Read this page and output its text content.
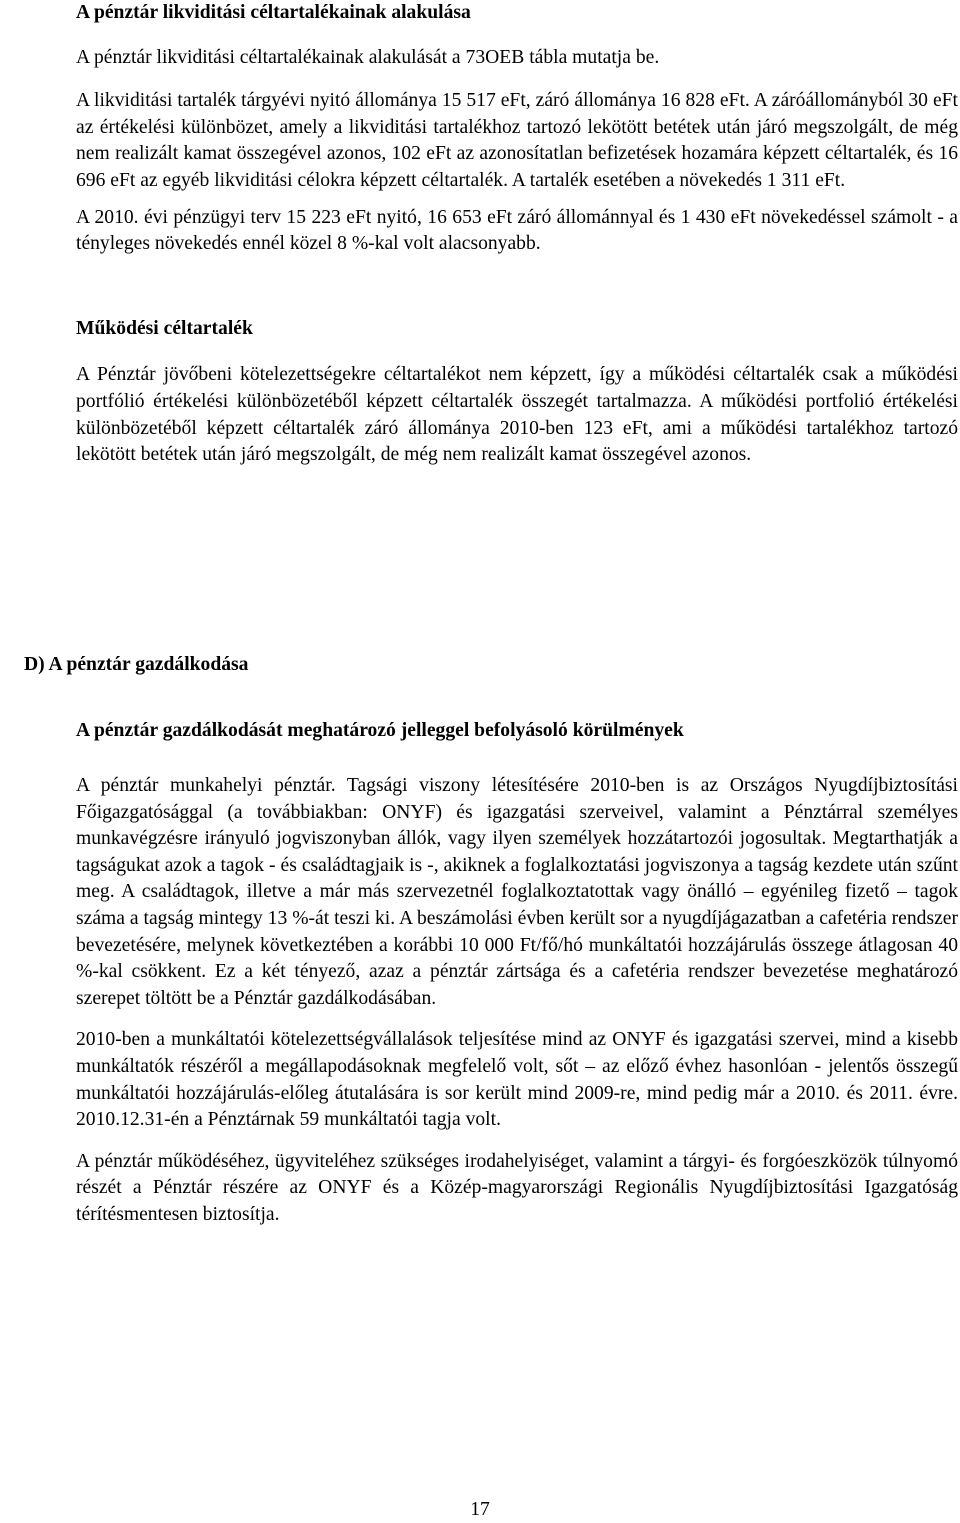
A pénztár likviditási céltartalékainak alakulása

A pénztár likviditási céltartalékainak alakulását a 73OEB tábla mutatja be.

A likviditási tartalék tárgyévi nyitó állománya 15 517 eFt, záró állománya 16 828 eFt. A záróállományból 30 eFt az értékelési különbözet, amely a likviditási tartalékhoz tartozó lekötött betétek után járó megszolgált, de még nem realizált kamat összegével azonos, 102 eFt az azonosítatlan befizetések hozamára képzett céltartalék, és 16 696 eFt az egyéb likviditási célokra képzett céltartalék. A tartalék esetében a növekedés 1 311 eFt.

A 2010. évi pénzügyi terv 15 223 eFt nyitó, 16 653 eFt záró állománnyal és 1 430 eFt növekedéssel számolt - a tényleges növekedés ennél közel 8 %-kal volt alacsonyabb.

Működési céltartalék

A Pénztár jövőbeni kötelezettségekre céltartalékot nem képzett, így a működési céltartalék csak a működési portfólió értékelési különbözetéből képzett céltartalék összegét tartalmazza. A működési portfolió értékelési különbözetéből képzett céltartalék záró állománya 2010-ben 123 eFt, ami a működési tartalékhoz tartozó lekötött betétek után járó megszolgált, de még nem realizált kamat összegével azonos.

D) A pénztár gazdálkodása

A pénztár gazdálkodását meghatározó jelleggel befolyásoló körülmények

A pénztár munkahelyi pénztár. Tagsági viszony létesítésére 2010-ben is az Országos Nyugdíjbiztosítási Főigazgatósággal (a továbbiakban: ONYF) és igazgatási szerveivel, valamint a Pénztárral személyes munkavégzésre irányuló jogviszonyban állók, vagy ilyen személyek hozzátartozói jogosultak. Megtarthatják a tagságukat azok a tagok - és családtagjaik is -, akiknek a foglalkoztatási jogviszonya a tagság kezdete után szűnt meg. A családtagok, illetve a már más szervezetnél foglalkoztatottak vagy önálló – egyénileg fizető – tagok száma a tagság mintegy 13 %-át teszi ki. A beszámolási évben került sor a nyugdíjágazatban a cafetéria rendszer bevezetésére, melynek következtében a korábbi 10 000 Ft/fő/hó munkáltatói hozzájárulás összege átlagosan 40 %-kal csökkent. Ez a két tényező, azaz a pénztár zártsága és a cafetéria rendszer bevezetése meghatározó szerepet töltött be a Pénztár gazdálkodásában.

2010-ben a munkáltatói kötelezettségvállalások teljesítése mind az ONYF és igazgatási szervei, mind a kisebb munkáltatók részéről a megállapodásoknak megfelelő volt, sőt – az előző évhez hasonlóan - jelentős összegű munkáltatói hozzájárulás-előleg átutalására is sor került mind 2009-re, mind pedig már a 2010. és 2011. évre. 2010.12.31-én a Pénztárnak 59 munkáltatói tagja volt.

A pénztár működéséhez, ügyviteléhez szükséges irodahelyiséget, valamint a tárgyi- és forgóeszközök túlnyomó részét a Pénztár részére az ONYF és a Közép-magyarországi Regionális Nyugdíjbiztosítási Igazgatóság térítésmentesen biztosítja.

17
